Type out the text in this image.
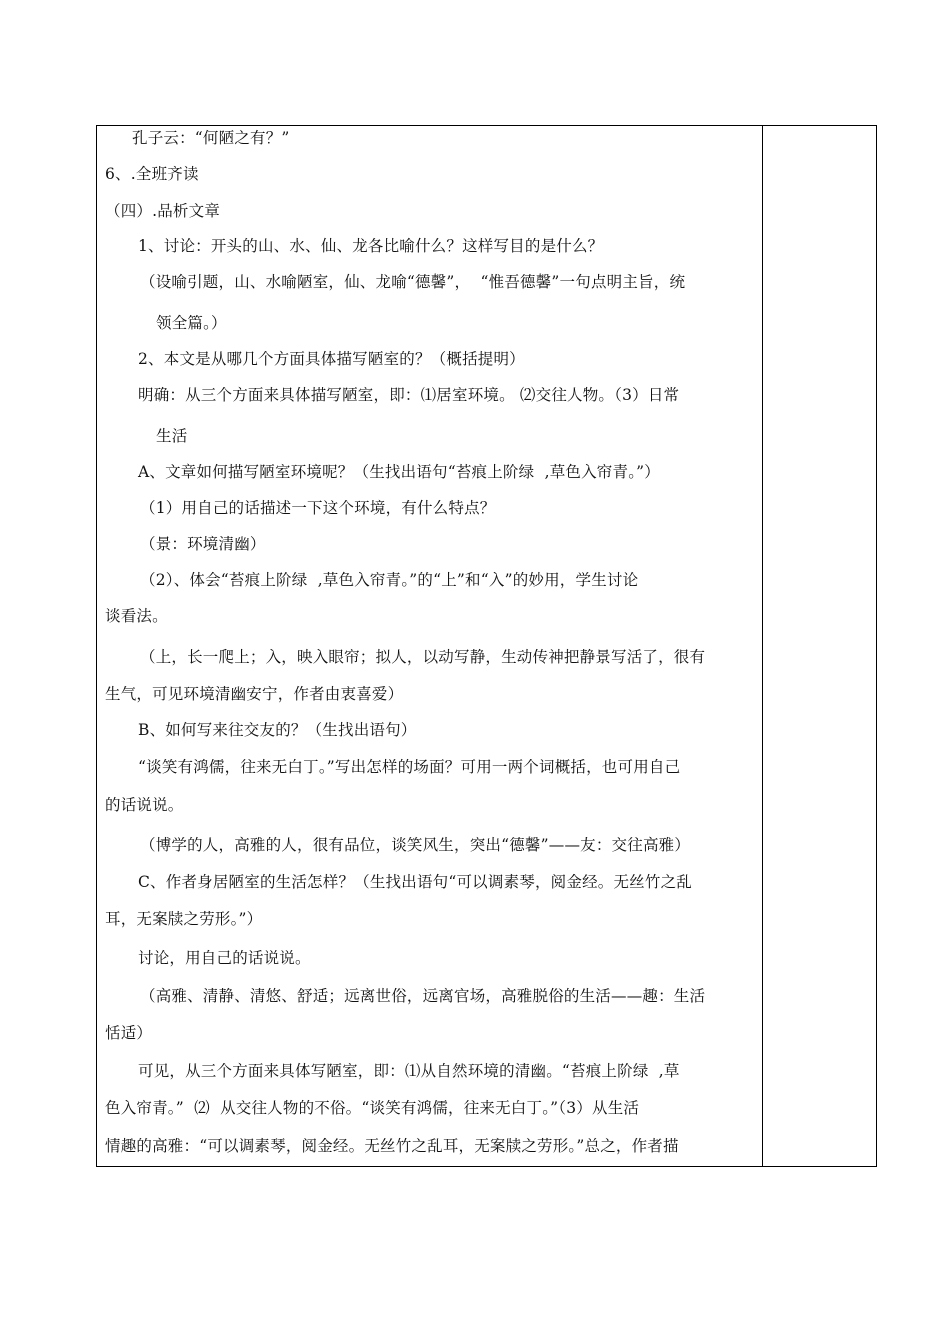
孔子云：“何陋之有？”
6、.全班齐读
（四）.品析文章
1、讨论：开头的山、水、仙、龙各比喻什么？这样写目的是什么？
（设喻引题，山、水喻陋室，仙、龙喻“德馨”，  “惟吾德馨”一句点明主旨，统
领全篇。）
2、本文是从哪几个方面具体描写陋室的？（概括提明）
明确：从三个方面来具体描写陋室，即：⑴居室环境。 ⑵交往人物。（3）日常
生活
A、文章如何描写陋室环境呢？（生找出语句“苔痕上阶绿  ,草色入帘青。”）
（1）用自己的话描述一下这个环境，有什么特点？
（景：环境清幽）
（2）、体会“苔痕上阶绿  ,草色入帘青。”的“上”和“入”的妙用，学生讨论
谈看法。
（上，长一爬上；入，映入眼帘；拟人，以动写静，生动传神把静景写活了，很有
生气，可见环境清幽安宁，作者由衷喜爱）
B、如何写来往交友的？（生找出语句）
“谈笑有鸿儒，往来无白丁。”写出怎样的场面？可用一两个词概括，也可用自己
的话说说。
（博学的人，高雅的人，很有品位，谈笑风生，突出“德馨”——友：交往高雅）
C、作者身居陋室的生活怎样？（生找出语句“可以调素琴，阅金经。无丝竹之乱
耳，无案牍之劳形。”）
讨论，用自己的话说说。
（高雅、清静、清悠、舒适；远离世俗，远离官场，高雅脱俗的生活——趣：生活
恬适）
可见，从三个方面来具体写陋室，即：⑴从自然环境的清幽。“苔痕上阶绿  ,草
色入帘青。”  ⑵  从交往人物的不俗。“谈笑有鸿儒，往来无白丁。”（3）从生活
情趣的高雅：“可以调素琴，阅金经。无丝竹之乱耳，无案牍之劳形。”总之，作者描
